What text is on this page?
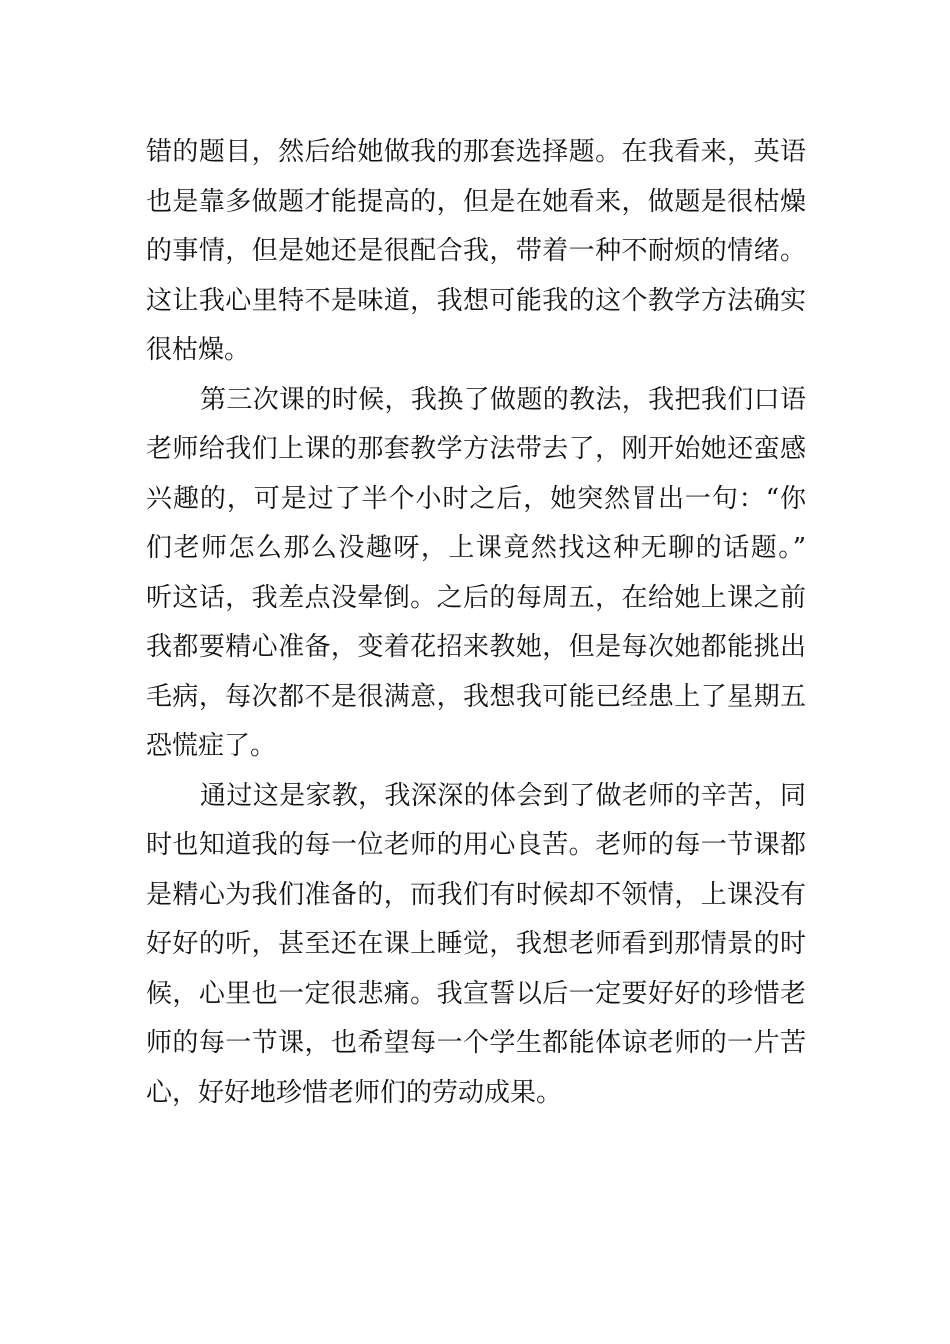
错的题目，然后给她做我的那套选择题。在我看来，英语
也是靠多做题才能提高的，但是在她看来，做题是很枯燥
的事情，但是她还是很配合我，带着一种不耐烦的情绪。
这让我心里特不是味道，我想可能我的这个教学方法确实
很枯燥。
第三次课的时候，我换了做题的教法，我把我们口语
老师给我们上课的那套教学方法带去了，刚开始她还蛮感
兴趣的，可是过了半个小时之后，她突然冒出一句：“你
们老师怎么那么没趣呀，上课竟然找这种无聊的话题。”
听这话，我差点没晕倒。之后的每周五，在给她上课之前
我都要精心准备，变着花招来教她，但是每次她都能挑出
毛病，每次都不是很满意，我想我可能已经患上了星期五
恐慌症了。
通过这是家教，我深深的体会到了做老师的辛苦，同
时也知道我的每一位老师的用心良苦。老师的每一节课都
是精心为我们准备的，而我们有时候却不领情，上课没有
好好的听，甚至还在课上睡觉，我想老师看到那情景的时
候，心里也一定很悲痛。我宣誓以后一定要好好的珍惜老
师的每一节课，也希望每一个学生都能体谅老师的一片苦
心，好好地珍惜老师们的劳动成果。
